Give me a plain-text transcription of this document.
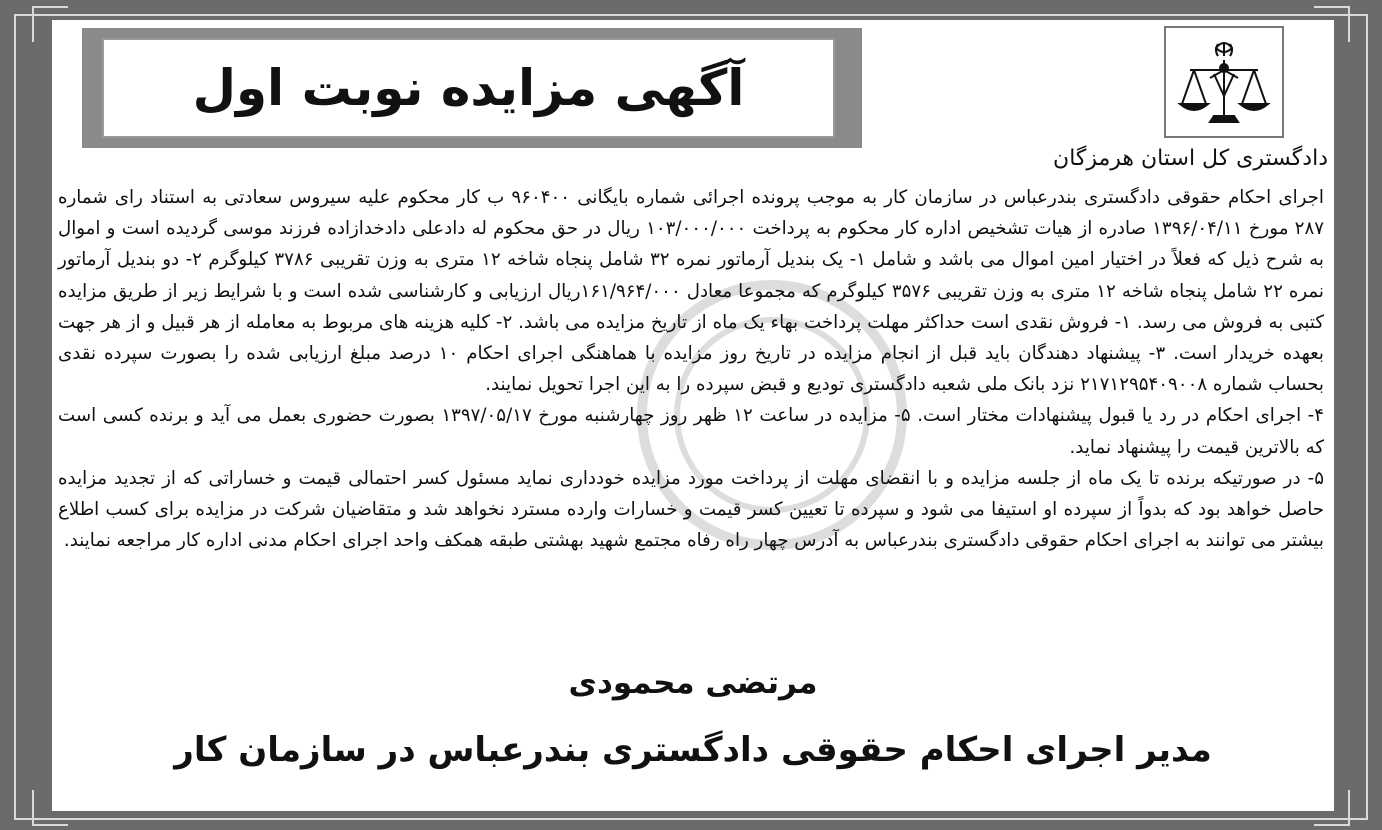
آگهی مزایده نوبت اول
دادگستری کل استان هرمزگان

اجرای احکام حقوقی دادگستری بندرعباس در سازمان کار به موجب پرونده اجرائی شماره بایگانی ۹۶۰۴۰۰ ب کار محکوم علیه سیروس سعادتی به استناد رای شماره ۲۸۷ مورخ ۱۳۹۶/۰۴/۱۱ صادره از هیات تشخیص اداره کار محکوم به پرداخت ۱۰۳/۰۰۰/۰۰۰ ریال در حق محکوم له دادعلی دادخدازاده فرزند موسی گردیده است و اموال به شرح ذیل که فعلاً در اختیار امین اموال می باشد و شامل ۱- یک بندیل آرماتور نمره ۳۲ شامل پنجاه شاخه ۱۲ متری به وزن تقریبی ۳۷۸۶ کیلوگرم ۲- دو بندیل آرماتور نمره ۲۲ شامل پنجاه شاخه ۱۲ متری به وزن تقریبی ۳۵۷۶ کیلوگرم که مجموعا معادل ۱۶۱/۹۶۴/۰۰۰ریال ارزیابی و کارشناسی شده است و با شرایط زیر از طریق مزایده کتبی به فروش می رسد. ۱- فروش نقدی است حداکثر مهلت پرداخت بهاء یک ماه از تاریخ مزایده می باشد. ۲- کلیه هزینه های مربوط به معامله از هر قبیل و از هر جهت بعهده خریدار است. ۳- پیشنهاد دهندگان باید قبل از انجام مزایده در تاریخ روز مزایده با هماهنگی اجرای احکام ۱۰ درصد مبلغ ارزیابی شده را بصورت سپرده نقدی بحساب شماره ۲۱۷۱۲۹۵۴۰۹۰۰۸ نزد بانک ملی شعبه دادگستری تودیع و قبض سپرده را به این اجرا تحویل نمایند.

۴- اجرای احکام در رد یا قبول پیشنهادات مختار است. ۵- مزایده در ساعت ۱۲ ظهر روز چهارشنبه مورخ ۱۳۹۷/۰۵/۱۷ بصورت حضوری بعمل می آید و برنده کسی است که بالاترین قیمت را پیشنهاد نماید.

۵- در صورتیکه برنده تا یک ماه از جلسه مزایده و با انقضای مهلت از پرداخت مورد مزایده خودداری نماید مسئول کسر احتمالی قیمت و خساراتی که از تجدید مزایده حاصل خواهد بود که بدواً از سپرده او استیفا می شود و سپرده تا تعیین کسر قیمت و خسارات وارده مسترد نخواهد شد و متقاضیان شرکت در مزایده برای کسب اطلاع بیشتر می توانند به اجرای احکام حقوقی دادگستری بندرعباس به آدرس چهار راه رفاه مجتمع شهید بهشتی طبقه همکف واحد اجرای احکام مدنی اداره کار مراجعه نمایند.

مرتضی محمودی
مدیر اجرای احکام حقوقی دادگستری بندرعباس در سازمان کار
